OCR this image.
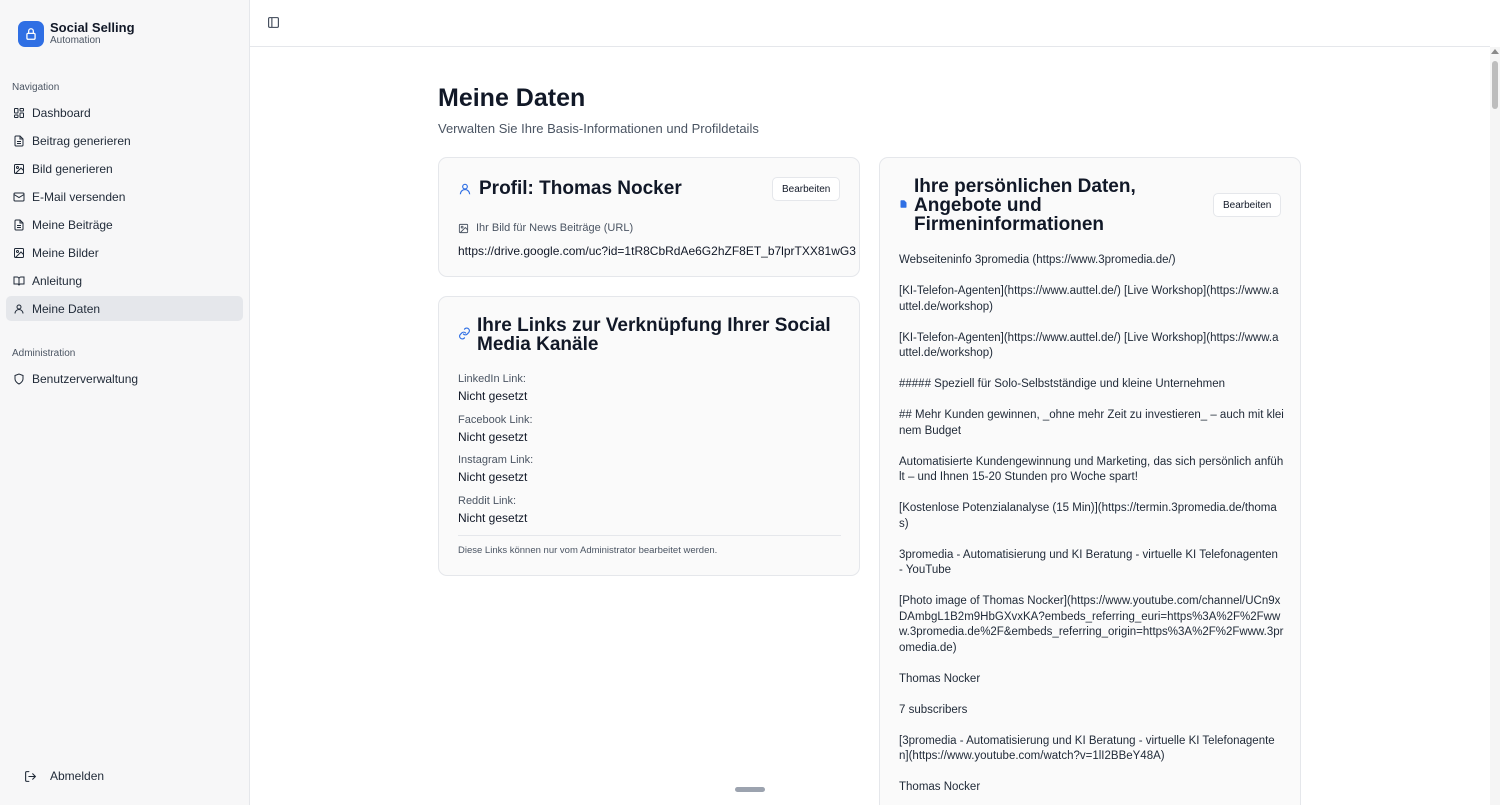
Social Selling
Automation
Navigation
Dashboard
Beitrag generieren
Bild generieren
E-Mail versenden
Meine Beiträge
Meine Bilder
Anleitung
Meine Daten
Administration
Benutzerverwaltung
Abmelden
Meine Daten
Verwalten Sie Ihre Basis-Informationen und Profildetails
Profil: Thomas Nocker	Bearbeiten
Ihr Bild für News Beiträge (URL)
https://drive.google.com/uc?id=1tR8CbRdAe6G2hZF8ET_b7lprTXX81wG3
Ihre Links zur Verknüpfung Ihrer Social Media Kanäle
LinkedIn Link:
Nicht gesetzt
Facebook Link:
Nicht gesetzt
Instagram Link:
Nicht gesetzt
Reddit Link:
Nicht gesetzt
Diese Links können nur vom Administrator bearbeitet werden.
Ihre persönlichen Daten, Angebote und Firmeninformationen
Bearbeiten

Webseiteninfo 3promedia (https://www.3promedia.de/)

[KI-Telefon-Agenten](https://www.auttel.de/) [Live Workshop](https://www.auttel.de/workshop)

[KI-Telefon-Agenten](https://www.auttel.de/) [Live Workshop](https://www.auttel.de/workshop)

##### Speziell für Solo-Selbstständige und kleine Unternehmen

## Mehr Kunden gewinnen, _ohne mehr Zeit zu investieren_ – auch mit kleinem Budget

Automatisierte Kundengewinnung und Marketing, das sich persönlich anfühlt – und Ihnen 15-20 Stunden pro Woche spart!

[Kostenlose Potenzialanalyse (15 Min)](https://termin.3promedia.de/thomas)

3promedia - Automatisierung und KI Beratung - virtuelle KI Telefonagenten - YouTube

[Photo image of Thomas Nocker](https://www.youtube.com/channel/UCn9xDAmbgL1B2m9HbGXvxKA?embeds_referring_euri=https%3A%2F%2Fwww.3promedia.de%2F&embeds_referring_origin=https%3A%2F%2Fwww.3promedia.de)

Thomas Nocker

7 subscribers

[3promedia - Automatisierung und KI Beratung - virtuelle KI Telefonagenten](https://www.youtube.com/watch?v=1lI2BBeY48A)

Thomas Nocker
